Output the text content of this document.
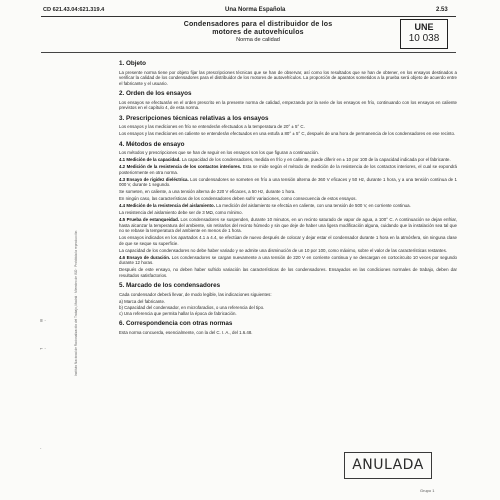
CD 621.43.04:621.319.4	Una Norma Española	2.53
Condensadores para el distribuidor de los
motores de autovehículos
Norma de calidad
UNE
10 038
Instituto Nacional de Racionalización del Trabajo, Madrid · Miembro de ISO · Prohibida la reproducción
≡ ·
⌐ ·
·
1. Objeto
La presente norma tiene por objeto fijar las prescripciones técnicas que se han de observar, así como los resultados que se han de obtener, en los ensayos destinados a verificar la calidad de los condensadores para el distribuidor de los motores de autovehículos. La proporción de aparatos sometidos a la prueba será objeto de acuerdo entre el fabricante y el usuario.
2. Orden de los ensayos
Los ensayos se efectuarán en el orden prescrito en la presente norma de calidad, empezando por la serie de los ensayos en frío, continuando con los ensayos en caliente previstos en el capítulo 4, de esta norma.
3. Prescripciones técnicas relativas a los ensayos
Los ensayos y las mediciones en frío se entenderán efectuados a la temperatura de 20° ± 5° C.
Los ensayos y las mediciones en caliente se entenderán efectuados en una estufa a 80° ± 5° C, después de una hora de permanencia de los condensadores en ese recinto.
4. Métodos de ensayo
Los métodos y prescripciones que se han de seguir en los ensayos son los que figuran a continuación.
4.1 Medición de la capacidad. La capacidad de los condensadores, medida en frío y en caliente, puede diferir en ± 10 por 100 de la capacidad indicada por el fabricante.
4.2 Medición de la resistencia de los contactos interiores. Esta se mide según el método de medición de la resistencia de los contactos interiores, el cual se expondrá posteriormente en otra norma.
4.3 Ensayo de rigidez dieléctrica. Los condensadores se someten en frío a una tensión alterna de 360 V eficaces y 50 Hz, durante 1 hora, y a una tensión continua de 1 000 V, durante 1 segundo.
Se someten, en caliente, a una tensión alterna de 220 V eficaces, a 50 Hz, durante 1 hora.
En ningún caso, las características de los condensadores deben sufrir variaciones, como consecuencia de estos ensayos.
4.4 Medición de la resistencia del aislamiento. La medición del aislamiento se efectúa en caliente, con una tensión de 500 V, en corriente continua.
La resistencia del aislamiento debe ser de 3 MΩ, como mínimo.
4.5 Prueba de estanqueidad. Los condensadores se suspenden, durante 10 minutos, en un recinto saturado de vapor de agua, a 100° C. A continuación se dejan enfriar, hasta alcanzar la temperatura del ambiente, sin retirarlos del recinto húmedo y sin que deje de haber una ligera modificación alguna, cuidando que la instalación sea tal que no se rebase la temperatura del ambiente en menos de 1 hora.
Los ensayos indicados en los apartados 4.1 a 4.4, se efectúan de nuevo después de colocar y dejar estar el condensador durante 1 hora en la atmósfera, sin ninguna clase de que se seque su superficie.
La capacidad de los condensadores no debe haber variado y se admite una disminución de un 10 por 100, como máximo, sobre el valor de las características restantes.
4.6 Ensayo de duración. Los condensadores se cargan nuevamente a una tensión de 220 V en corriente continua y se descargan en cortocircuito 10 veces por segundo durante 12 horas.
Después de este ensayo, no deben haber sufrido variación las características de los condensadores. Ensayados en las condiciones normales de trabajo, deben dar resultados satisfactorios.
5. Marcado de los condensadores
Cada condensador deberá llevar, de modo legible, las indicaciones siguientes:
a) Marca del fabricante.
b) Capacidad del condensador, en microfaradios, o una referencia del tipo.
c) Una referencia que permita hallar la época de fabricación.
6. Correspondencia con otras normas
Esta norma concuerda, esencialmente, con la del C. I. A., del 1.6.48.
ANULADA
Grupo 1
